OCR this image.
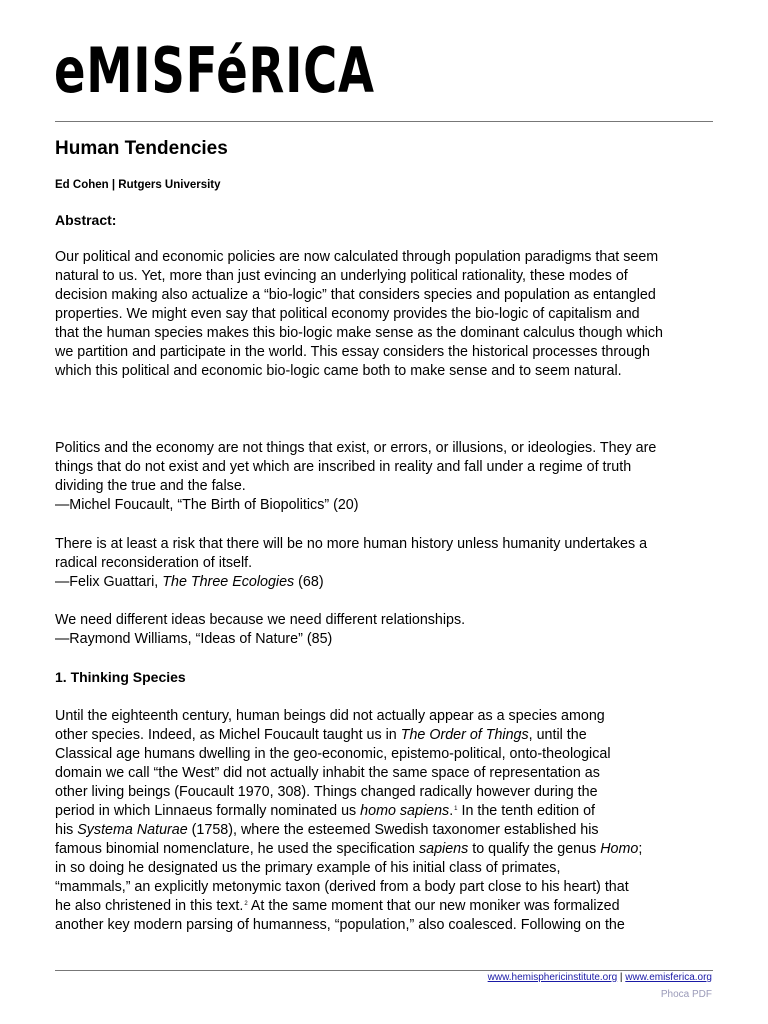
eMISFéRICA
Human Tendencies
Ed Cohen | Rutgers University
Abstract:

Our political and economic policies are now calculated through population paradigms that seem
natural to us. Yet, more than just evincing an underlying political rationality, these modes of
decision making also actualize a “bio-logic” that considers species and population as entangled
properties. We might even say that political economy provides the bio-logic of capitalism and
that the human species makes this bio-logic make sense as the dominant calculus though which
we partition and participate in the world. This essay considers the historical processes through
which this political and economic bio-logic came both to make sense and to seem natural.

Politics and the economy are not things that exist, or errors, or illusions, or ideologies. They are
things that do not exist and yet which are inscribed in reality and fall under a regime of truth
dividing the true and the false.
—Michel Foucault, “The Birth of Biopolitics” (20)

There is at least a risk that there will be no more human history unless humanity undertakes a
radical reconsideration of itself.
—Felix Guattari, The Three Ecologies (68)

We need different ideas because we need different relationships.
—Raymond Williams, “Ideas of Nature” (85)

1. Thinking Species

Until the eighteenth century, human beings did not actually appear as a species among
other species. Indeed, as Michel Foucault taught us in The Order of Things, until the
Classical age humans dwelling in the geo-economic, epistemo-political, onto-theological
domain we call “the West” did not actually inhabit the same space of representation as
other living beings (Foucault 1970, 308). Things changed radically however during the
period in which Linnaeus formally nominated us homo sapiens.$^1$ In the tenth edition of
his Systema Naturae (1758), where the esteemed Swedish taxonomer established his
famous binomial nomenclature, he used the specification sapiens to qualify the genus Homo;
in so doing he designated us the primary example of his initial class of primates,
“mammals,” an explicitly metonymic taxon (derived from a body part close to his heart) that
he also christened in this text.$^2$ At the same moment that our new moniker was formalized
another key modern parsing of humanness, “population,” also coalesced. Following on the

www.hemisphericinstitute.org | www.emisferica.org
Phoca PDF
